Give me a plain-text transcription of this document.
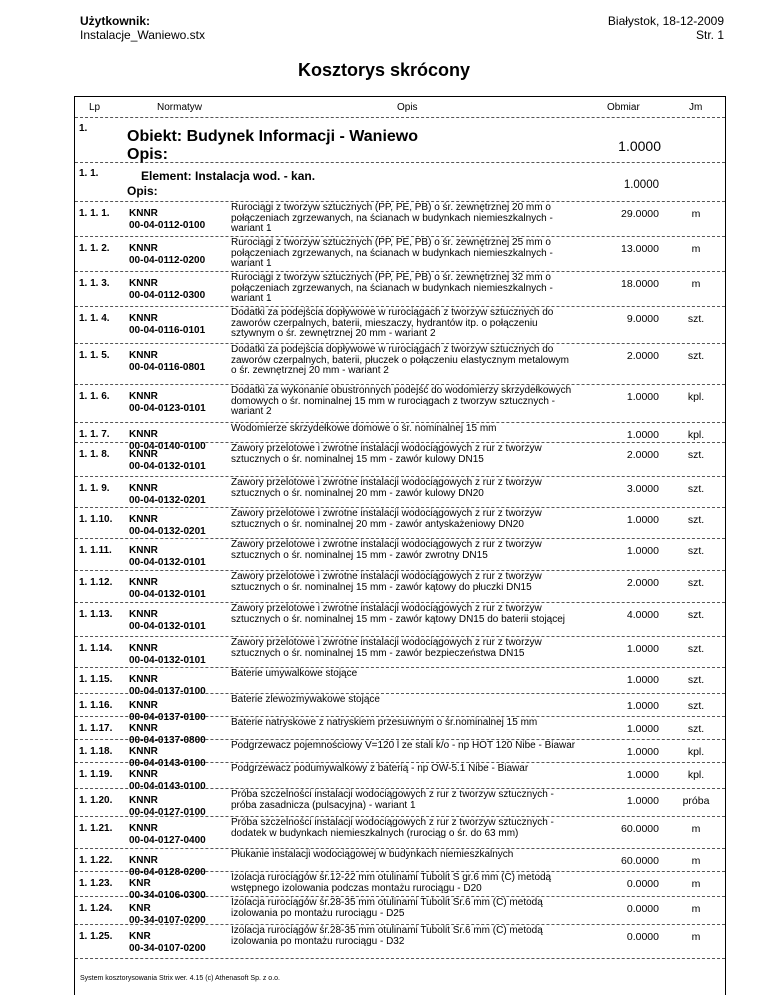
Użytkownik:
Instalacje_Waniewo.stx
Białystok, 18-12-2009
Str. 1
Kosztorys skrócony
Lp	Normatyw	Opis	Obmiar	Jm
1. Obiekt: Budynek Informacji - Waniewo
Opis:	1.0000
1. 1.	Element: Instalacja wod. - kan.
Opis:	1.0000
1. 1. 1. KNNR
00-04-0112-0100
Rurociągi z tworzyw sztucznych (PP, PE, PB) o śr. zewnętrznej 20 mm o połączeniach zgrzewanych, na ścianach w budynkach niemieszkalnych - wariant 1
29.0000	m
1. 1. 2. KNNR
00-04-0112-0200
Rurociągi z tworzyw sztucznych (PP, PE, PB) o śr. zewnętrznej 25 mm o połączeniach zgrzewanych, na ścianach w budynkach niemieszkalnych - wariant 1
13.0000	m
1. 1. 3. KNNR
00-04-0112-0300
Rurociągi z tworzyw sztucznych (PP, PE, PB) o śr. zewnętrznej 32 mm o połączeniach zgrzewanych, na ścianach w budynkach niemieszkalnych - wariant 1
18.0000	m
1. 1. 4. KNNR
00-04-0116-0101
Dodatki za podejścia dopływowe w rurociągach z tworzyw sztucznych do zaworów czerpalnych, baterii, mieszaczy, hydrantów itp. o połączeniu sztywnym o śr. zewnętrznej 20 mm - wariant 2
9.0000	szt.
1. 1. 5. KNNR
00-04-0116-0801
Dodatki za podejścia dopływowe w rurociągach z tworzyw sztucznych do zaworów czerpalnych, baterii, płuczek o połączeniu elastycznym metalowym o śr. zewnętrznej 20 mm - wariant 2
2.0000	szt.
1. 1. 6. KNNR
00-04-0123-0101
Dodatki za wykonanie obustronnych podejść do wodomierzy skrzydełkowych domowych o śr. nominalnej 15 mm w rurociągach z tworzyw sztucznych - wariant 2
1.0000	kpl.
1. 1. 7. KNNR
00-04-0140-0100
Wodomierze skrzydełkowe domowe o śr. nominalnej 15 mm
1.0000	kpl.
1. 1. 8. KNNR
00-04-0132-0101
Zawory przelotowe i zwrotne instalacji wodociągowych z rur z tworzyw sztucznych o śr. nominalnej 15 mm - zawór kulowy DN15	2.0000	szt.
1. 1. 9. KNNR
00-04-0132-0201
Zawory przelotowe i zwrotne instalacji wodociągowych z rur z tworzyw sztucznych o śr. nominalnej 20 mm - zawór kulowy DN20	3.0000	szt.
1. 1.10. KNNR
00-04-0132-0201
Zawory przelotowe i zwrotne instalacji wodociągowych z rur z tworzyw sztucznych o śr. nominalnej 20 mm - zawór antyskażeniowy DN20	1.0000	szt.
1. 1.11. KNNR
00-04-0132-0101
Zawory przelotowe i zwrotne instalacji wodociągowych z rur z tworzyw sztucznych o śr. nominalnej 15 mm - zawór zwrotny DN15	1.0000	szt.
1. 1.12. KNNR
00-04-0132-0101
Zawory przelotowe i zwrotne instalacji wodociągowych z rur z tworzyw sztucznych o śr. nominalnej 15 mm - zawór kątowy do płuczki DN15	2.0000	szt.
1. 1.13. KNNR
00-04-0132-0101
Zawory przelotowe i zwrotne instalacji wodociągowych z rur z tworzyw sztucznych o śr. nominalnej 15 mm - zawór kątowy DN15 do baterii stojącej	4.0000	szt.
1. 1.14. KNNR
00-04-0132-0101
Zawory przelotowe i zwrotne instalacji wodociągowych z rur z tworzyw sztucznych o śr. nominalnej 15 mm - zawór bezpieczeństwa DN15	1.0000	szt.
1. 1.15. KNNR
00-04-0137-0100
Baterie umywalkowe stojące
1.0000	szt.
1. 1.16. KNNR
00-04-0137-0100
Baterie zlewozmywakowe stojące
1.0000	szt.
1. 1.17. KNNR
00-04-0137-0800
Baterie natryskowe z natryskiem przesuwnym o śr.nominalnej 15 mm
1.0000	szt.
1. 1.18. KNNR
00-04-0143-0100
Podgrzewacz pojemnościowy V=120 l ze stali k/o - np HOT 120 Nibe - Biawar
1.0000	kpl.
1. 1.19. KNNR
00-04-0143-0100
Podgrzewacz podumywalkowy z baterią - np OW-5.1 Nibe - Biawar
1.0000	kpl.
1. 1.20. KNNR
00-04-0127-0100
Próba szczelności instalacji wodociągowych z rur z tworzyw sztucznych - próba zasadnicza (pulsacyjna) - wariant 1	1.0000	próba
1. 1.21. KNNR
00-04-0127-0400
Próba szczelności instalacji wodociągowych z rur z tworzyw sztucznych - dodatek w budynkach niemieszkalnych (rurociąg o śr. do 63 mm)	60.0000	m
1. 1.22. KNNR
00-04-0128-0200
Płukanie instalacji wodociągowej w budynkach niemieszkalnych
60.0000	m
1. 1.23. KNR
00-34-0106-0300
Izolacja rurociągów śr.12-22 mm otulinami Tubolit S gr.6 mm (C) metodą wstępnego izolowania podczas montażu rurociągu - D20	0.0000	m
1. 1.24. KNR
00-34-0107-0200
Izolacja rurociągów śr.28-35 mm otulinami Tubolit Sr.6 mm (C) metodą izolowania po montażu rurociągu - D25	0.0000	m
1. 1.25. KNR
00-34-0107-0200
Izolacja rurociągów śr.28-35 mm otulinami Tubolit Sr.6 mm (C) metodą izolowania po montażu rurociągu - D32	0.0000	m
System kosztorysowania Strix wer. 4.15 (c) Athenasoft Sp. z o.o.
